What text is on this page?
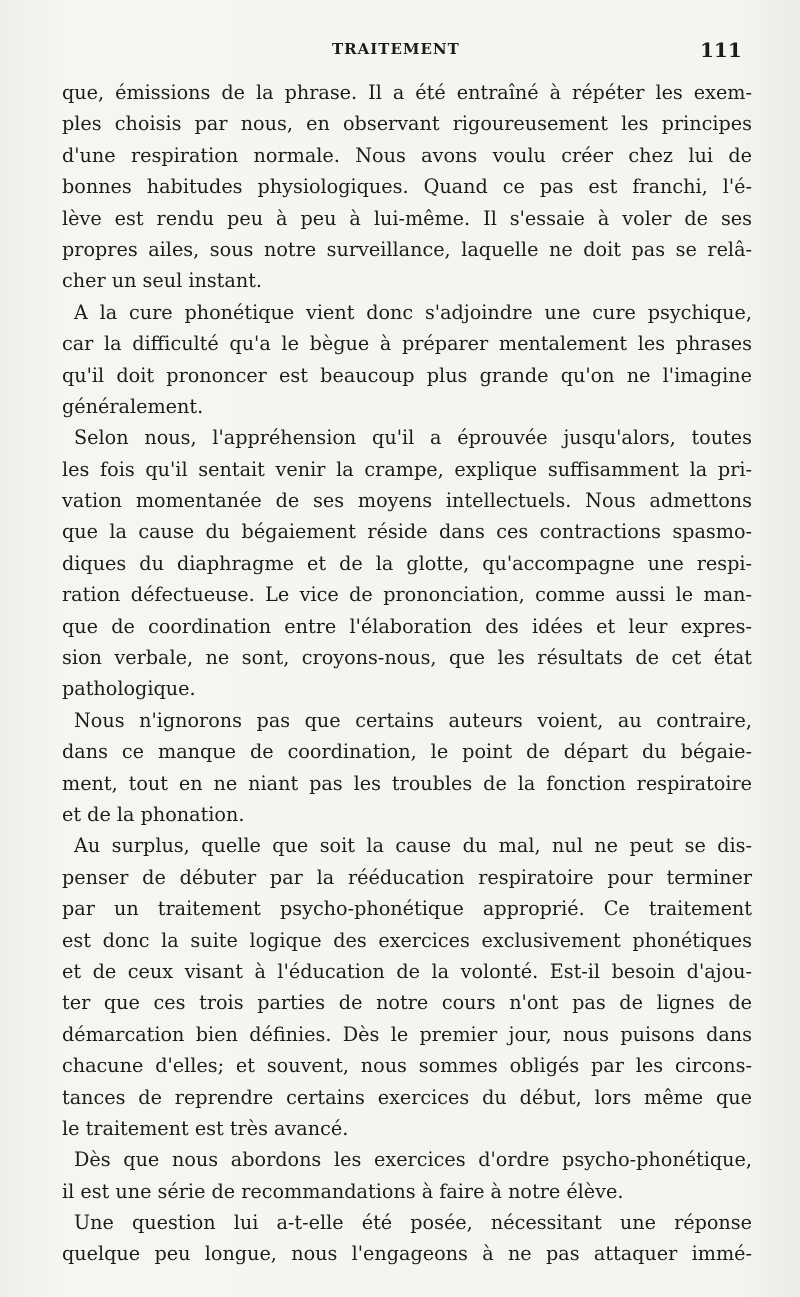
TRAITEMENT	111
que, émissions de la phrase. Il a été entraîné à répéter les exem-
ples choisis par nous, en observant rigoureusement les principes
d'une respiration normale. Nous avons voulu créer chez lui de
bonnes habitudes physiologiques. Quand ce pas est franchi, l'é-
lève est rendu peu à peu à lui-même. Il s'essaie à voler de ses
propres ailes, sous notre surveillance, laquelle ne doit pas se relâ-
cher un seul instant.
A la cure phonétique vient donc s'adjoindre une cure psychique,
car la difficulté qu'a le bègue à préparer mentalement les phrases
qu'il doit prononcer est beaucoup plus grande qu'on ne l'imagine
généralement.
Selon nous, l'appréhension qu'il a éprouvée jusqu'alors, toutes
les fois qu'il sentait venir la crampe, explique suffisamment la pri-
vation momentanée de ses moyens intellectuels. Nous admettons
que la cause du bégaiement réside dans ces contractions spasmo-
diques du diaphragme et de la glotte, qu'accompagne une respi-
ration défectueuse. Le vice de prononciation, comme aussi le man-
que de coordination entre l'élaboration des idées et leur expres-
sion verbale, ne sont, croyons-nous, que les résultats de cet état
pathologique.
Nous n'ignorons pas que certains auteurs voient, au contraire,
dans ce manque de coordination, le point de départ du bégaie-
ment, tout en ne niant pas les troubles de la fonction respiratoire
et de la phonation.
Au surplus, quelle que soit la cause du mal, nul ne peut se dis-
penser de débuter par la rééducation respiratoire pour terminer
par un traitement psycho-phonétique approprié. Ce traitement
est donc la suite logique des exercices exclusivement phonétiques
et de ceux visant à l'éducation de la volonté. Est-il besoin d'ajou-
ter que ces trois parties de notre cours n'ont pas de lignes de
démarcation bien définies. Dès le premier jour, nous puisons dans
chacune d'elles; et souvent, nous sommes obligés par les circons-
tances de reprendre certains exercices du début, lors même que
le traitement est très avancé.
Dès que nous abordons les exercices d'ordre psycho-phonétique,
il est une série de recommandations à faire à notre élève.
Une question lui a-t-elle été posée, nécessitant une réponse
quelque peu longue, nous l'engageons à ne pas attaquer immé-
